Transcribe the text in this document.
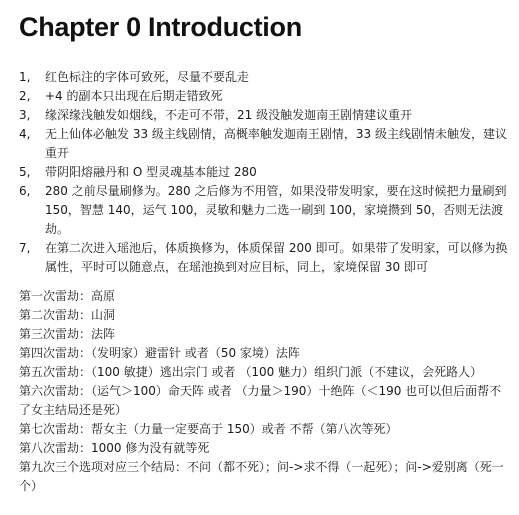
Chapter 0 Introduction
1,	红色标注的字体可致死，尽量不要乱走
2,	+4 的副本只出现在后期走错致死
3,	缘深缘浅触发如烟线，不走可不带，21 级没触发迦南王剧情建议重开
4,	无上仙体必触发 33 级主线剧情，高概率触发迦南王剧情，33 级主线剧情未触发，建议重开
5,	带阴阳熔融丹和 O 型灵魂基本能过 280
6,	280 之前尽量刷修为。280 之后修为不用管，如果没带发明家，要在这时候把力量刷到 150，智慧 140，运气 100，灵敏和魅力二选一刷到 100，家境攒到 50，否则无法渡劫。
7,	在第二次进入瑶池后，体质换修为，体质保留 200 即可。如果带了发明家，可以修为换属性，平时可以随意点，在瑶池换到对应目标，同上，家境保留 30 即可

第一次雷劫：高原

第二次雷劫：山洞

第三次雷劫：法阵

第四次雷劫：（发明家）避雷针 或者（50 家境）法阵

第五次雷劫：（100 敏捷）逃出宗门 或者 （100 魅力）组织门派（不建议，会死路人）

第六次雷劫：（运气＞100）命天阵 或者 （力量＞190）十绝阵（＜190 也可以但后面帮不了女主结局还是死）

第七次雷劫：帮女主（力量一定要高于 150）或者 不帮（第八次等死）

第八次雷劫：1000 修为没有就等死

第九次三个选项对应三个结局：不问（都不死）；问->求不得（一起死）；问->爱别离（死一个）
